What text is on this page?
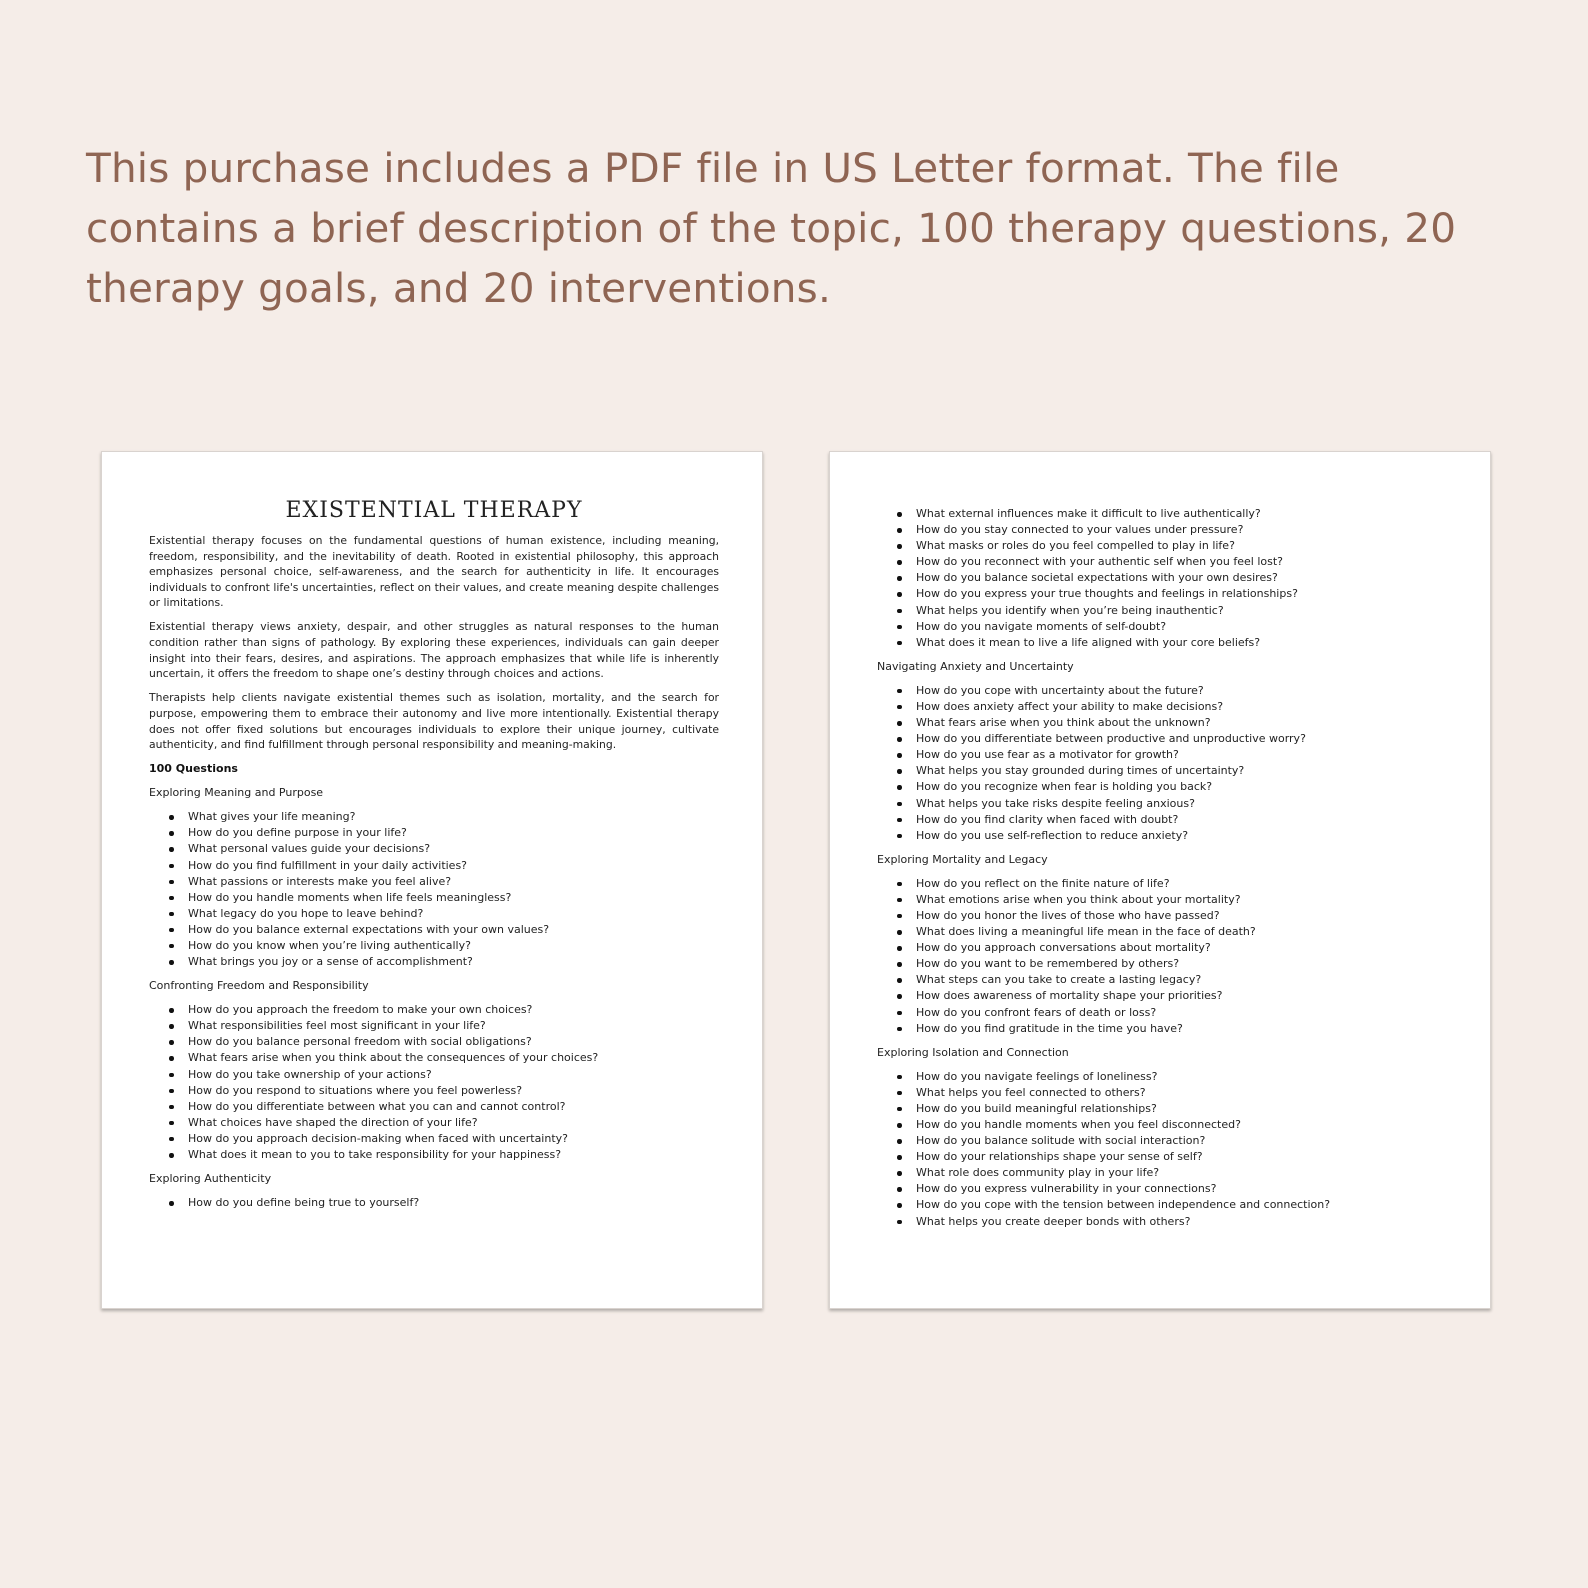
This purchase includes a PDF file in US Letter format. The file contains a brief description of the topic, 100 therapy questions, 20 therapy goals, and 20 interventions.

EXISTENTIAL THERAPY

Existential therapy focuses on the fundamental questions of human existence, including meaning, freedom, responsibility, and the inevitability of death. Rooted in existential philosophy, this approach emphasizes personal choice, self-awareness, and the search for authenticity in life. It encourages individuals to confront life's uncertainties, reflect on their values, and create meaning despite challenges or limitations.

Existential therapy views anxiety, despair, and other struggles as natural responses to the human condition rather than signs of pathology. By exploring these experiences, individuals can gain deeper insight into their fears, desires, and aspirations. The approach emphasizes that while life is inherently uncertain, it offers the freedom to shape one’s destiny through choices and actions.

Therapists help clients navigate existential themes such as isolation, mortality, and the search for purpose, empowering them to embrace their autonomy and live more intentionally. Existential therapy does not offer fixed solutions but encourages individuals to explore their unique journey, cultivate authenticity, and find fulfillment through personal responsibility and meaning-making.

100 Questions
Exploring Meaning and Purpose
What gives your life meaning?
How do you define purpose in your life?
What personal values guide your decisions?
How do you find fulfillment in your daily activities?
What passions or interests make you feel alive?
How do you handle moments when life feels meaningless?
What legacy do you hope to leave behind?
How do you balance external expectations with your own values?
How do you know when you’re living authentically?
What brings you joy or a sense of accomplishment?
Confronting Freedom and Responsibility
How do you approach the freedom to make your own choices?
What responsibilities feel most significant in your life?
How do you balance personal freedom with social obligations?
What fears arise when you think about the consequences of your choices?
How do you take ownership of your actions?
How do you respond to situations where you feel powerless?
How do you differentiate between what you can and cannot control?
What choices have shaped the direction of your life?
How do you approach decision-making when faced with uncertainty?
What does it mean to you to take responsibility for your happiness?
Exploring Authenticity
How do you define being true to yourself?
What external influences make it difficult to live authentically?
How do you stay connected to your values under pressure?
What masks or roles do you feel compelled to play in life?
How do you reconnect with your authentic self when you feel lost?
How do you balance societal expectations with your own desires?
How do you express your true thoughts and feelings in relationships?
What helps you identify when you’re being inauthentic?
How do you navigate moments of self-doubt?
What does it mean to live a life aligned with your core beliefs?
Navigating Anxiety and Uncertainty
How do you cope with uncertainty about the future?
How does anxiety affect your ability to make decisions?
What fears arise when you think about the unknown?
How do you differentiate between productive and unproductive worry?
How do you use fear as a motivator for growth?
What helps you stay grounded during times of uncertainty?
How do you recognize when fear is holding you back?
What helps you take risks despite feeling anxious?
How do you find clarity when faced with doubt?
How do you use self-reflection to reduce anxiety?
Exploring Mortality and Legacy
How do you reflect on the finite nature of life?
What emotions arise when you think about your mortality?
How do you honor the lives of those who have passed?
What does living a meaningful life mean in the face of death?
How do you approach conversations about mortality?
How do you want to be remembered by others?
What steps can you take to create a lasting legacy?
How does awareness of mortality shape your priorities?
How do you confront fears of death or loss?
How do you find gratitude in the time you have?
Exploring Isolation and Connection
How do you navigate feelings of loneliness?
What helps you feel connected to others?
How do you build meaningful relationships?
How do you handle moments when you feel disconnected?
How do you balance solitude with social interaction?
How do your relationships shape your sense of self?
What role does community play in your life?
How do you express vulnerability in your connections?
How do you cope with the tension between independence and connection?
What helps you create deeper bonds with others?
